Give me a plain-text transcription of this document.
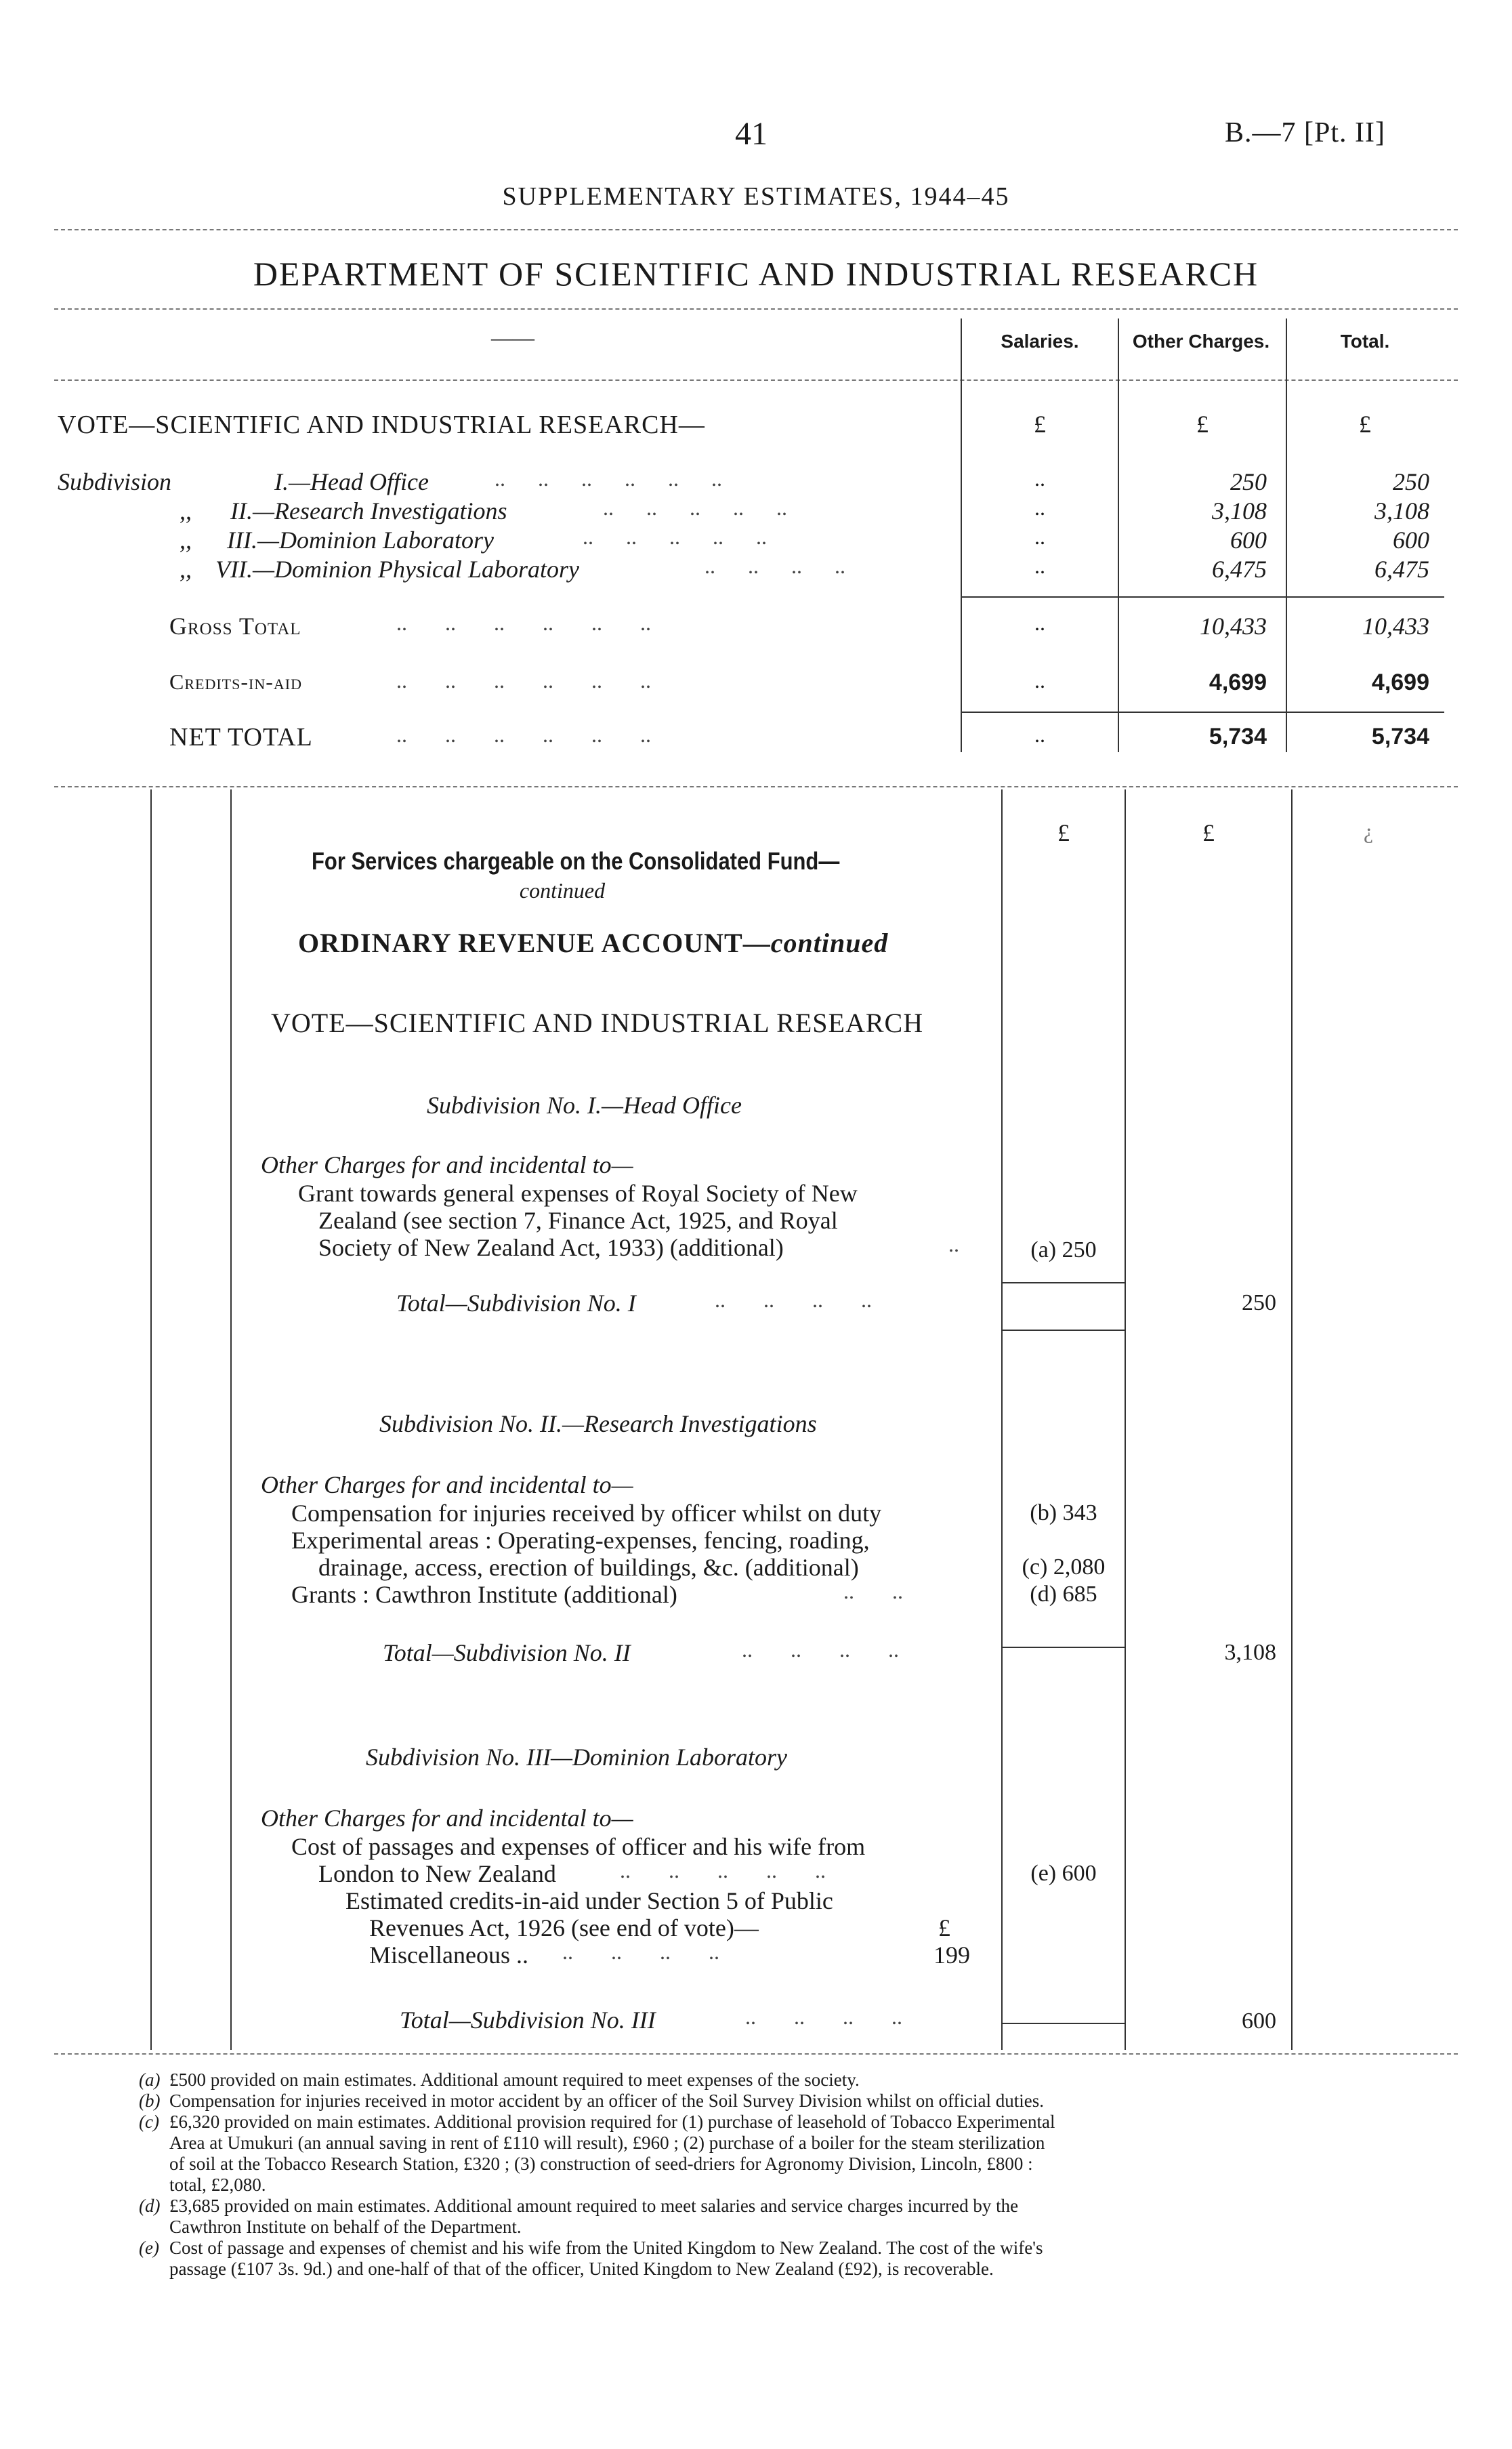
41	B.—7 [Pt. II]
SUPPLEMENTARY ESTIMATES, 1944–45
DEPARTMENT OF SCIENTIFIC AND INDUSTRIAL RESEARCH
——	Salaries.	Other Charges.	Total.
VOTE—SCIENTIFIC AND INDUSTRIAL RESEARCH—	£	£	£
Subdivision	I.—Head Office	..      ..      ..      ..      ..      ..	..	250	250
,, II.—Research Investigations	..      ..      ..      ..      ..	..	3,108	3,108
,, III.—Dominion Laboratory	..      ..      ..      ..      ..	..	600	600
,, VII.—Dominion Physical Laboratory	..      ..      ..      ..	..	6,475	6,475
Gross Total	..       ..       ..       ..       ..       ..	..	10,433	10,433
Credits-in-aid	..       ..       ..       ..       ..       ..	..	4,699	4,699
NET TOTAL	..       ..       ..       ..       ..       ..	..	5,734	5,734
£	£	¿
For Services chargeable on the Consolidated Fund—
continued
ORDINARY REVENUE ACCOUNT—continued
VOTE—SCIENTIFIC AND INDUSTRIAL RESEARCH
Subdivision No. I.—Head Office
Other Charges for and incidental to—
Grant towards general expenses of Royal Society of New
Zealand (see section 7, Finance Act, 1925, and Royal
Society of New Zealand Act, 1933) (additional)	..	(a) 250
Total—Subdivision No. I	..       ..       ..       ..	250
Subdivision No. II.—Research Investigations
Other Charges for and incidental to—
Compensation for injuries received by officer whilst on duty	(b) 343
Experimental areas : Operating-expenses, fencing, roading,
drainage, access, erection of buildings, &c. (additional)	(c) 2,080
Grants : Cawthron Institute (additional)	..       ..	(d) 685
Total—Subdivision No. II	..       ..       ..       ..	3,108
Subdivision No. III—Dominion Laboratory
Other Charges for and incidental to—
Cost of passages and expenses of officer and his wife from
London to New Zealand	..       ..       ..       ..       ..	(e) 600
Estimated credits-in-aid under Section 5 of Public
Revenues Act, 1926 (see end of vote)—	£
Miscellaneous .. ..       ..       ..       ..	199
Total—Subdivision No. III	..       ..       ..       ..	600
(a) £500 provided on main estimates. Additional amount required to meet expenses of the society.
(b) Compensation for injuries received in motor accident by an officer of the Soil Survey Division whilst on official duties.
(c) £6,320 provided on main estimates. Additional provision required for (1) purchase of leasehold of Tobacco Experimental
Area at Umukuri (an annual saving in rent of £110 will result), £960 ; (2) purchase of a boiler for the steam sterilization
of soil at the Tobacco Research Station, £320 ; (3) construction of seed-driers for Agronomy Division, Lincoln, £800 :
total, £2,080.
(d) £3,685 provided on main estimates. Additional amount required to meet salaries and service charges incurred by the
Cawthron Institute on behalf of the Department.
(e) Cost of passage and expenses of chemist and his wife from the United Kingdom to New Zealand. The cost of the wife's
passage (£107 3s. 9d.) and one-half of that of the officer, United Kingdom to New Zealand (£92), is recoverable.
